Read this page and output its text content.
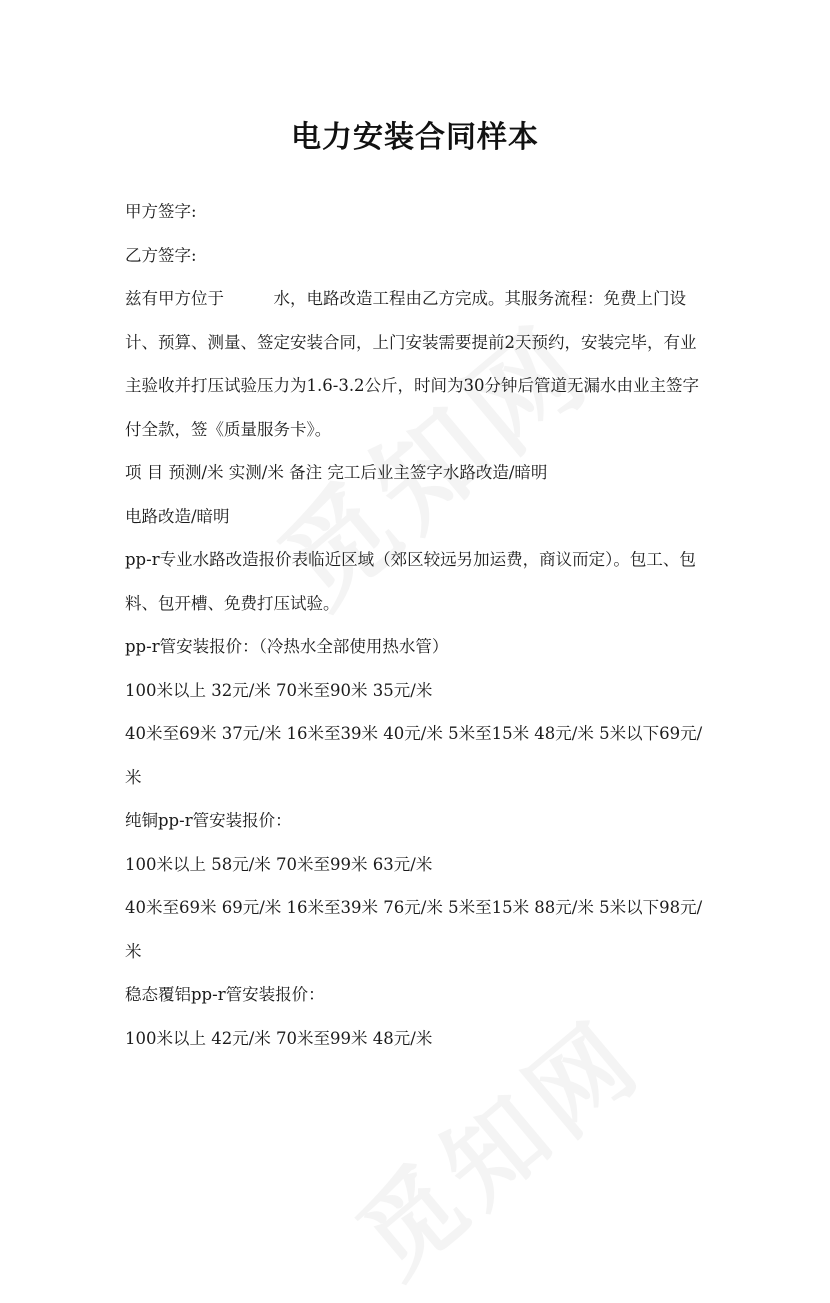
电力安装合同样本

甲方签字:

乙方签字:

兹有甲方位于　　　水，电路改造工程由乙方完成。其服务流程：免费上门设计、预算、测量、签定安装合同，上门安装需要提前2天预约，安装完毕，有业主验收并打压试验压力为1.6-3.2公斤，时间为30分钟后管道无漏水由业主签字付全款，签《质量服务卡》。

项 目 预测/米 实测/米 备注 完工后业主签字水路改造/暗明

电路改造/暗明

pp-r专业水路改造报价表临近区域（郊区较远另加运费，商议而定）。包工、包料、包开槽、免费打压试验。

pp-r管安装报价：（冷热水全部使用热水管）

100米以上 32元/米 70米至90米 35元/米

40米至69米 37元/米 16米至39米 40元/米 5米至15米 48元/米 5米以下69元/米

纯铜pp-r管安装报价：

100米以上 58元/米 70米至99米 63元/米

40米至69米 69元/米 16米至39米 76元/米 5米至15米 88元/米 5米以下98元/米

稳态覆铝pp-r管安装报价：

100米以上 42元/米 70米至99米 48元/米
